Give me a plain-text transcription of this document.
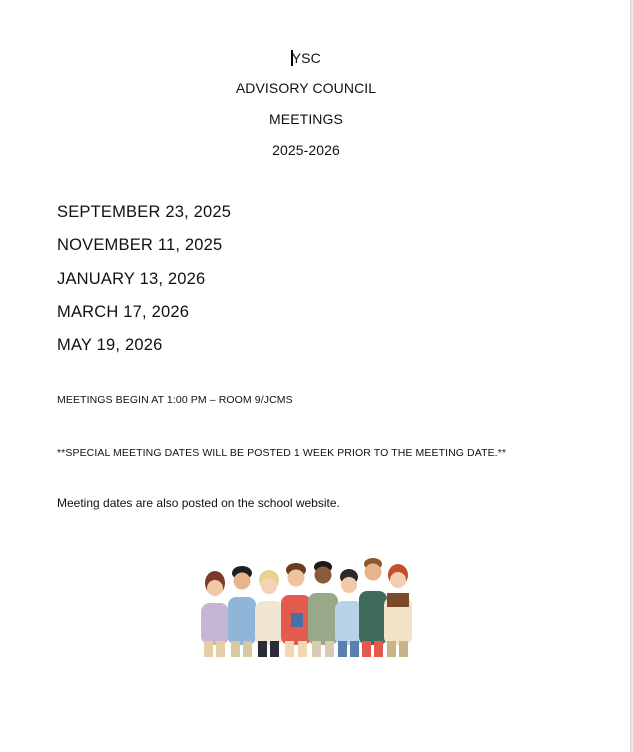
YSC
ADVISORY COUNCIL
MEETINGS
2025-2026
SEPTEMBER 23, 2025
NOVEMBER 11, 2025
JANUARY 13, 2026
MARCH 17, 2026
MAY 19, 2026
MEETINGS BEGIN AT 1:00 PM – ROOM 9/JCMS
**SPECIAL MEETING DATES WILL BE POSTED 1 WEEK PRIOR TO THE MEETING DATE.**
Meeting dates are also posted on the school website.
